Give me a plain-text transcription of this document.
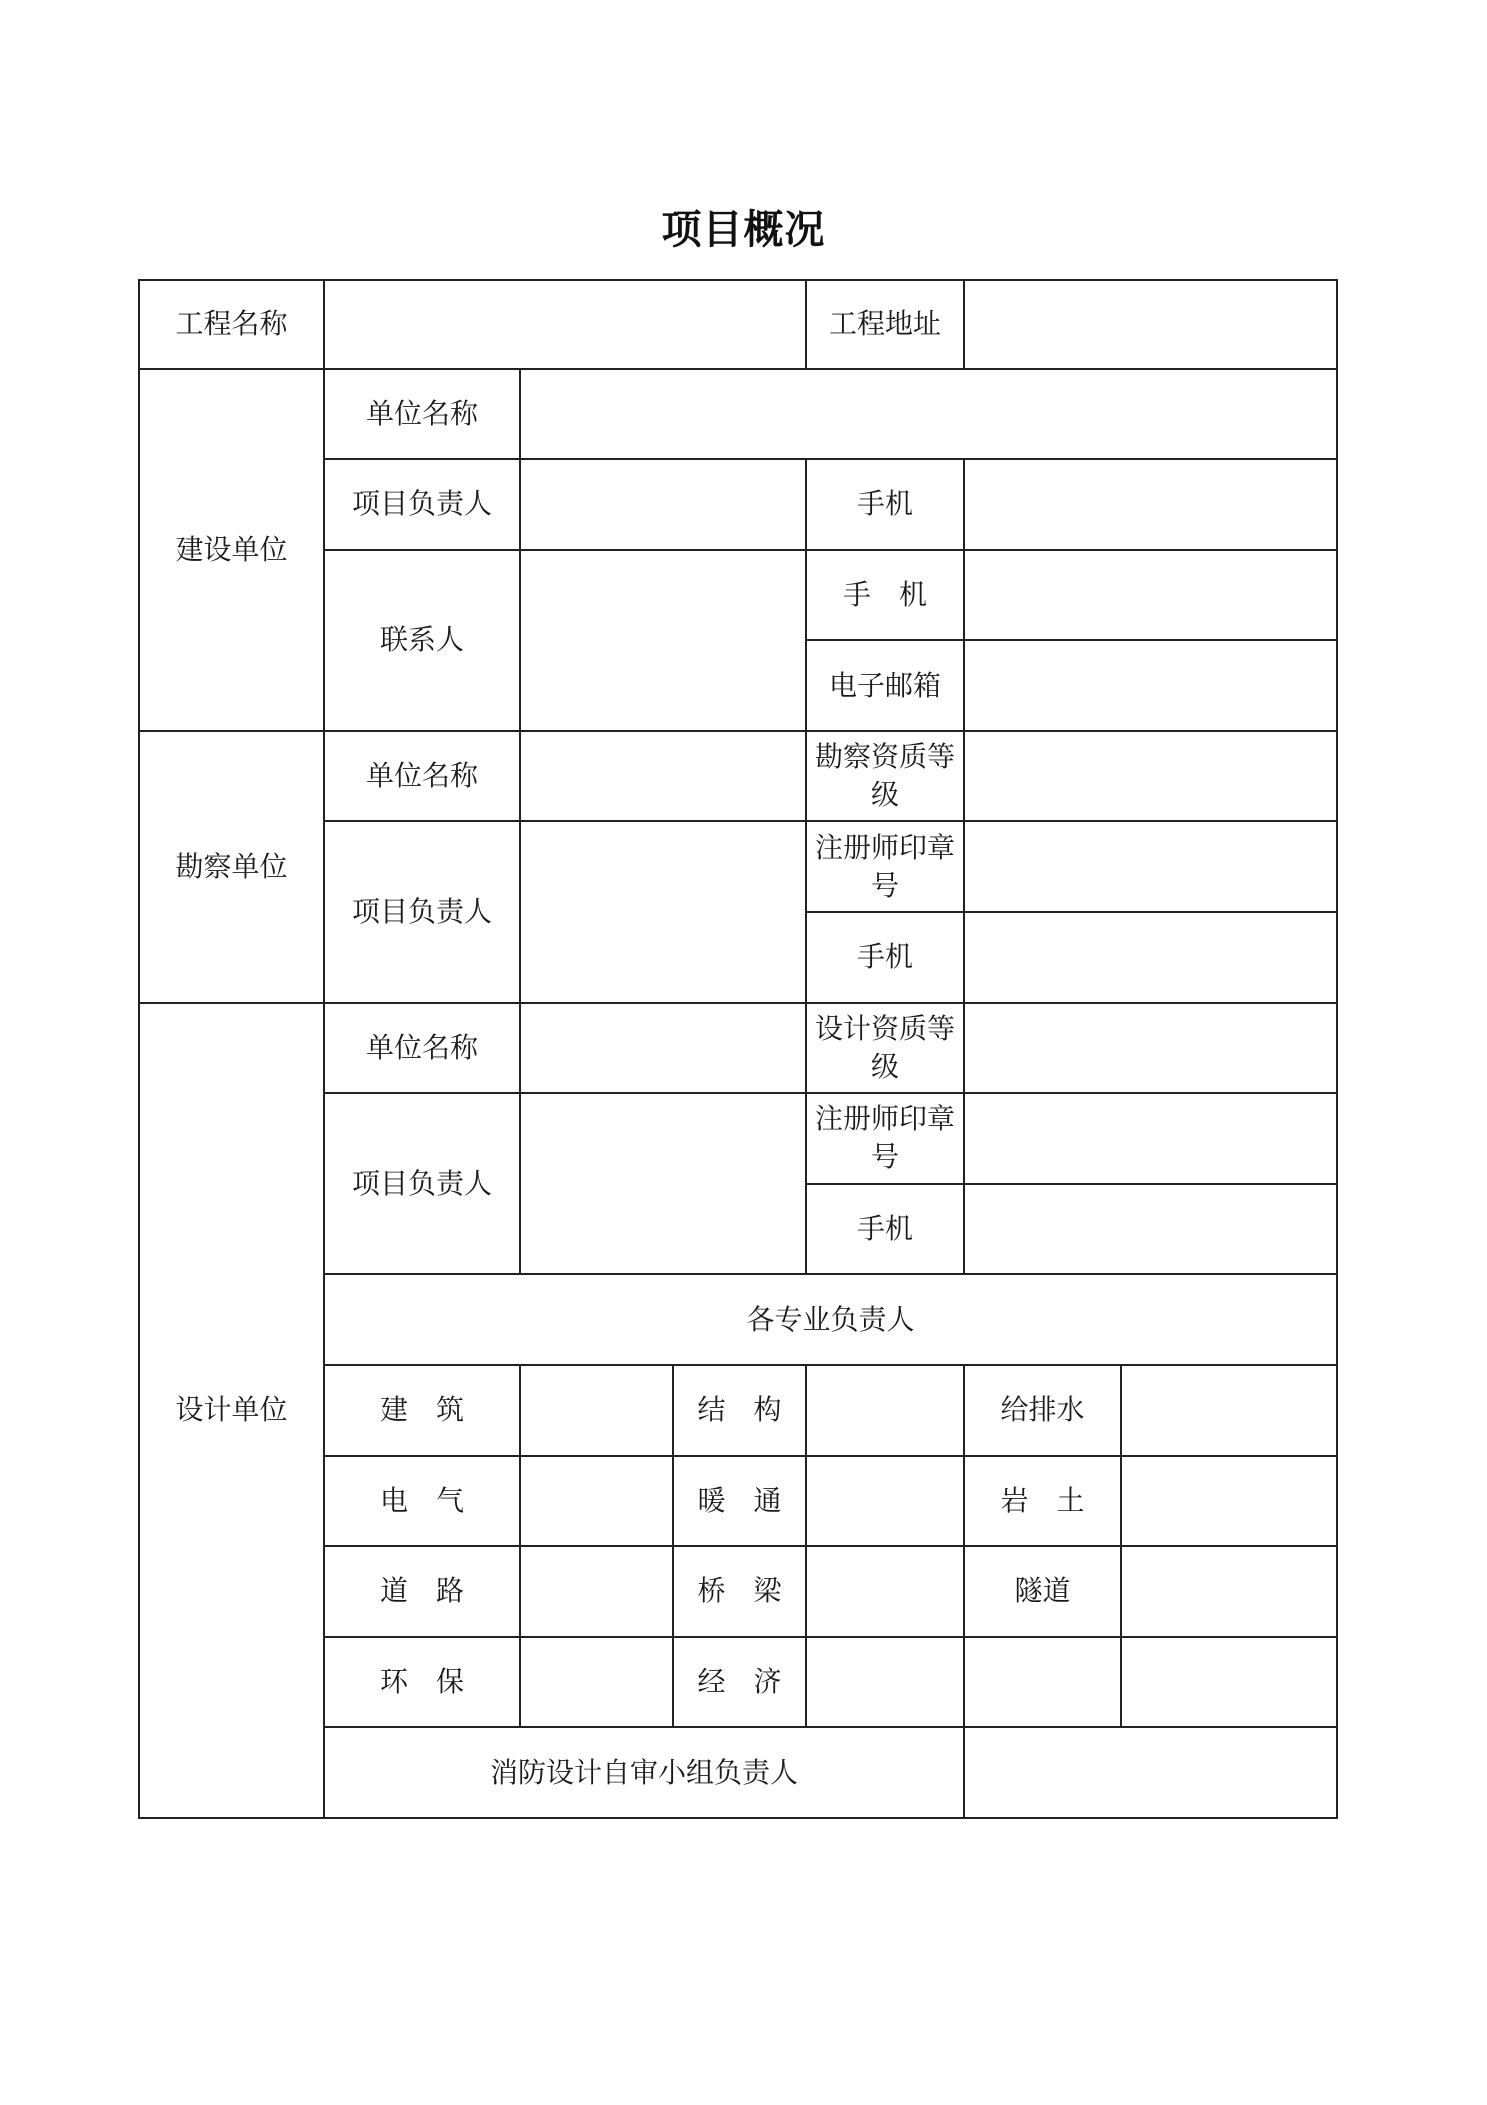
项目概况
工程名称				工程地址		
建设单位	单位名称					
	项目负责人			手机		
	联系人			手　机		
				电子邮箱		
勘察单位	单位名称			勘察资质等级		
	项目负责人			注册师印章号		
				手机		
设计单位	单位名称			设计资质等级		
	项目负责人			注册师印章号		
				手机		
	各专业负责人					
	建　筑		结　构		给排水	
	电　气		暖　通		岩　土	
	道　路		桥　梁		隧道	
	环　保		经　济			
	消防设计自审小组负责人					
